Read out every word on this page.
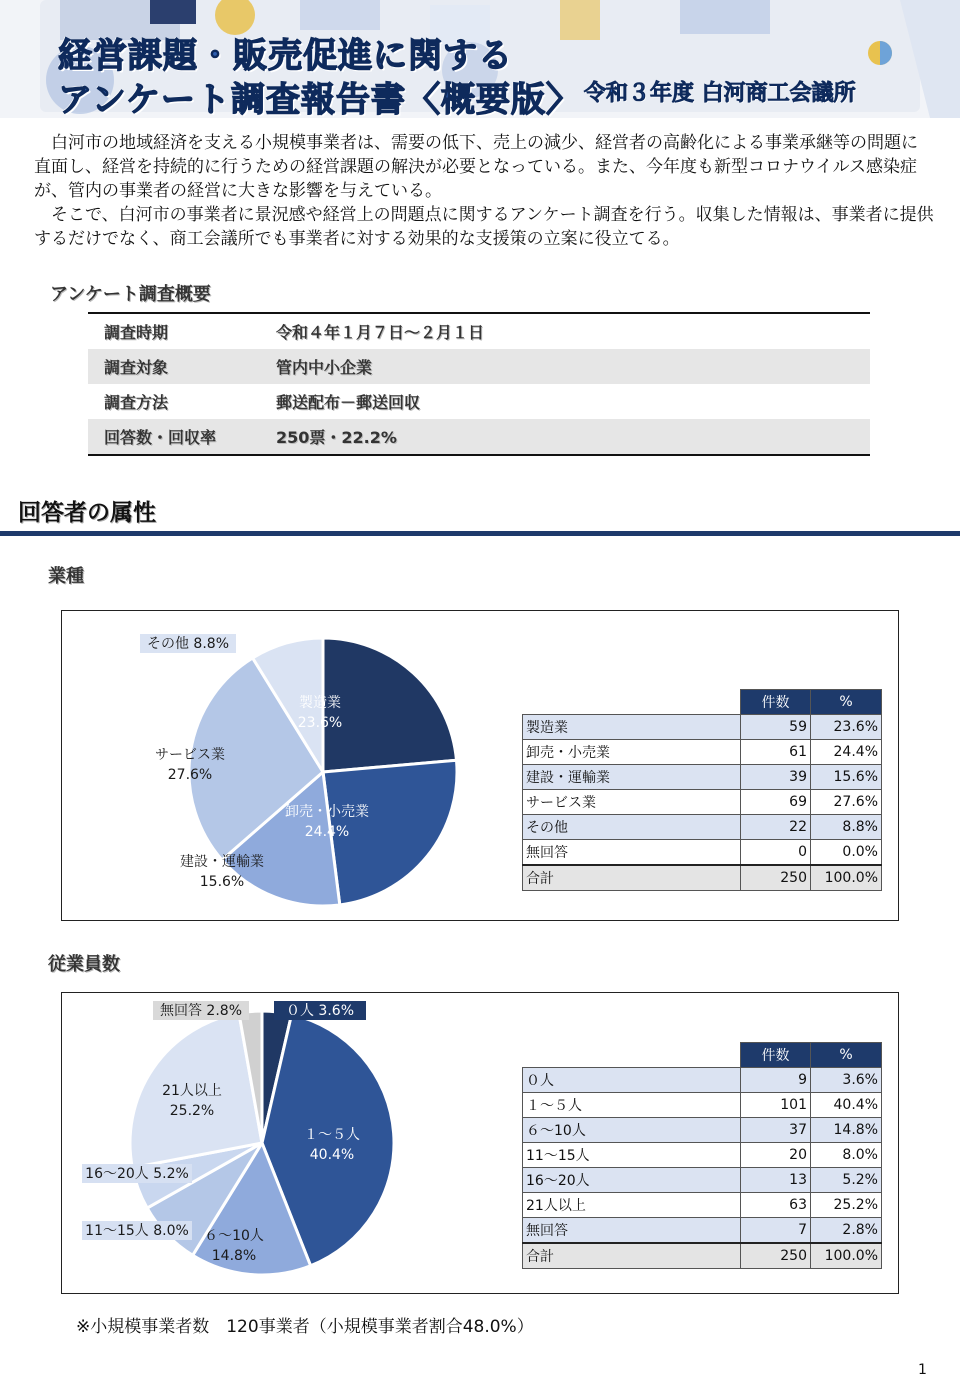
経営課題・販売促進に関する
アンケート調査報告書〈概要版〉 令和３年度 白河商工会議所

白河市の地域経済を支える小規模事業者は、需要の低下、売上の減少、経営者の高齢化による事業承継等の問題に直面し、経営を持続的に行うための経営課題の解決が必要となっている。また、今年度も新型コロナウイルス感染症が、管内の事業者の経営に大きな影響を与えている。

そこで、白河市の事業者に景況感や経営上の問題点に関するアンケート調査を行う。収集した情報は、事業者に提供するだけでなく、商工会議所でも事業者に対する効果的な支援策の立案に役立てる。

アンケート調査概要
調査時期	令和４年１月７日～２月１日
調査対象	管内中小企業
調査方法	郵送配布－郵送回収
回答数・回収率	250票・22.2%
回答者の属性
業種
製造業
23.6%
卸売・小売業
24.4%
建設・運輸業
15.6%
サービス業
27.6%
その他 8.8%
	件数	%
製造業	59	23.6%
卸売・小売業	61	24.4%
建設・運輸業	39	15.6%
サービス業	69	27.6%
その他	22	8.8%
無回答	0	0.0%
合計	250	100.0%
従業員数
０人 3.6%
１～５人
40.4%
６～10人
14.8%
11～15人 8.0%
16～20人 5.2%
21人以上
25.2%
無回答 2.8%
	件数	%
０人	9	3.6%
１～５人	101	40.4%
６～10人	37	14.8%
11～15人	20	8.0%
16～20人	13	5.2%
21人以上	63	25.2%
無回答	7	2.8%
合計	250	100.0%
※小規模事業者数　120事業者（小規模事業者割合48.0%）
1
